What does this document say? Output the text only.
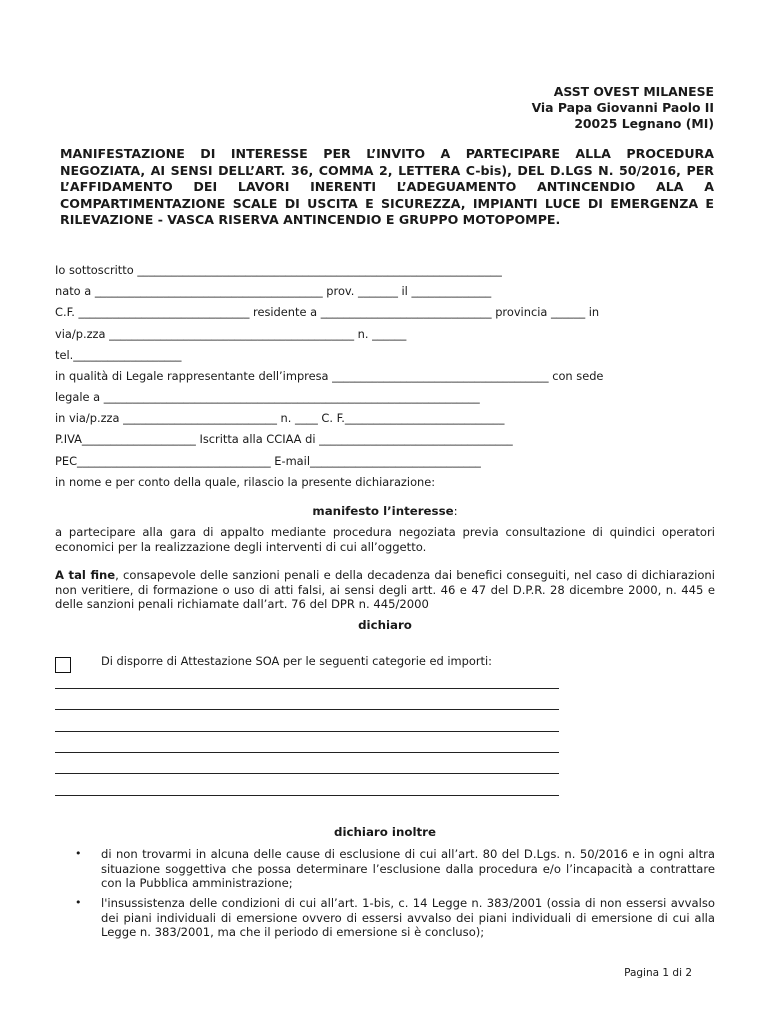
ASST OVEST MILANESE
Via Papa Giovanni Paolo II
20025 Legnano (MI)
MANIFESTAZIONE DI INTERESSE PER L’INVITO A PARTECIPARE ALLA PROCEDURA NEGOZIATA, AI SENSI DELL’ART. 36, COMMA 2, LETTERA C-bis), DEL D.LGS N. 50/2016, PER L’AFFIDAMENTO DEI LAVORI INERENTI L’ADEGUAMENTO ANTINCENDIO ALA A COMPARTIMENTAZIONE SCALE DI USCITA E SICUREZZA, IMPIANTI LUCE DI EMERGENZA E RILEVAZIONE - VASCA RISERVA ANTINCENDIO E GRUPPO MOTOPOMPE.
Io sottoscritto ________________________________________________________________
nato a ________________________________________ prov. _______ il ______________
C.F. ______________________________ residente a ______________________________ provincia ______ in
via/p.zza ___________________________________________ n. ______
tel.___________________
in qualità di Legale rappresentante dell’impresa ______________________________________ con sede
legale a __________________________________________________________________
in via/p.zza ___________________________ n. ____ C. F.____________________________
P.IVA____________________ Iscritta alla CCIAA di __________________________________
PEC__________________________________ E-mail______________________________
in nome e per conto della quale, rilascio la presente dichiarazione:
manifesto l’interesse:
a partecipare alla gara di appalto mediante procedura negoziata previa consultazione di quindici operatori economici per la realizzazione degli interventi di cui all’oggetto.
A tal fine, consapevole delle sanzioni penali e della decadenza dai benefici conseguiti, nel caso di dichiarazioni non veritiere, di formazione o uso di atti falsi, ai sensi degli artt. 46 e 47 del D.P.R. 28 dicembre 2000, n. 445 e delle sanzioni penali richiamate dall’art. 76 del DPR n. 445/2000
dichiaro
Di disporre di Attestazione SOA per le seguenti categorie ed importi:
dichiaro inoltre
• di non trovarmi in alcuna delle cause di esclusione di cui all’art. 80 del D.Lgs. n. 50/2016 e in ogni altra situazione soggettiva che possa determinare l’esclusione dalla procedura e/o l’incapacità a contrattare con la Pubblica amministrazione;
• l'insussistenza delle condizioni di cui all’art. 1-bis, c. 14 Legge n. 383/2001 (ossia di non essersi avvalso dei piani individuali di emersione ovvero di essersi avvalso dei piani individuali di emersione di cui alla Legge n. 383/2001, ma che il periodo di emersione si è concluso);
Pagina 1 di 2
